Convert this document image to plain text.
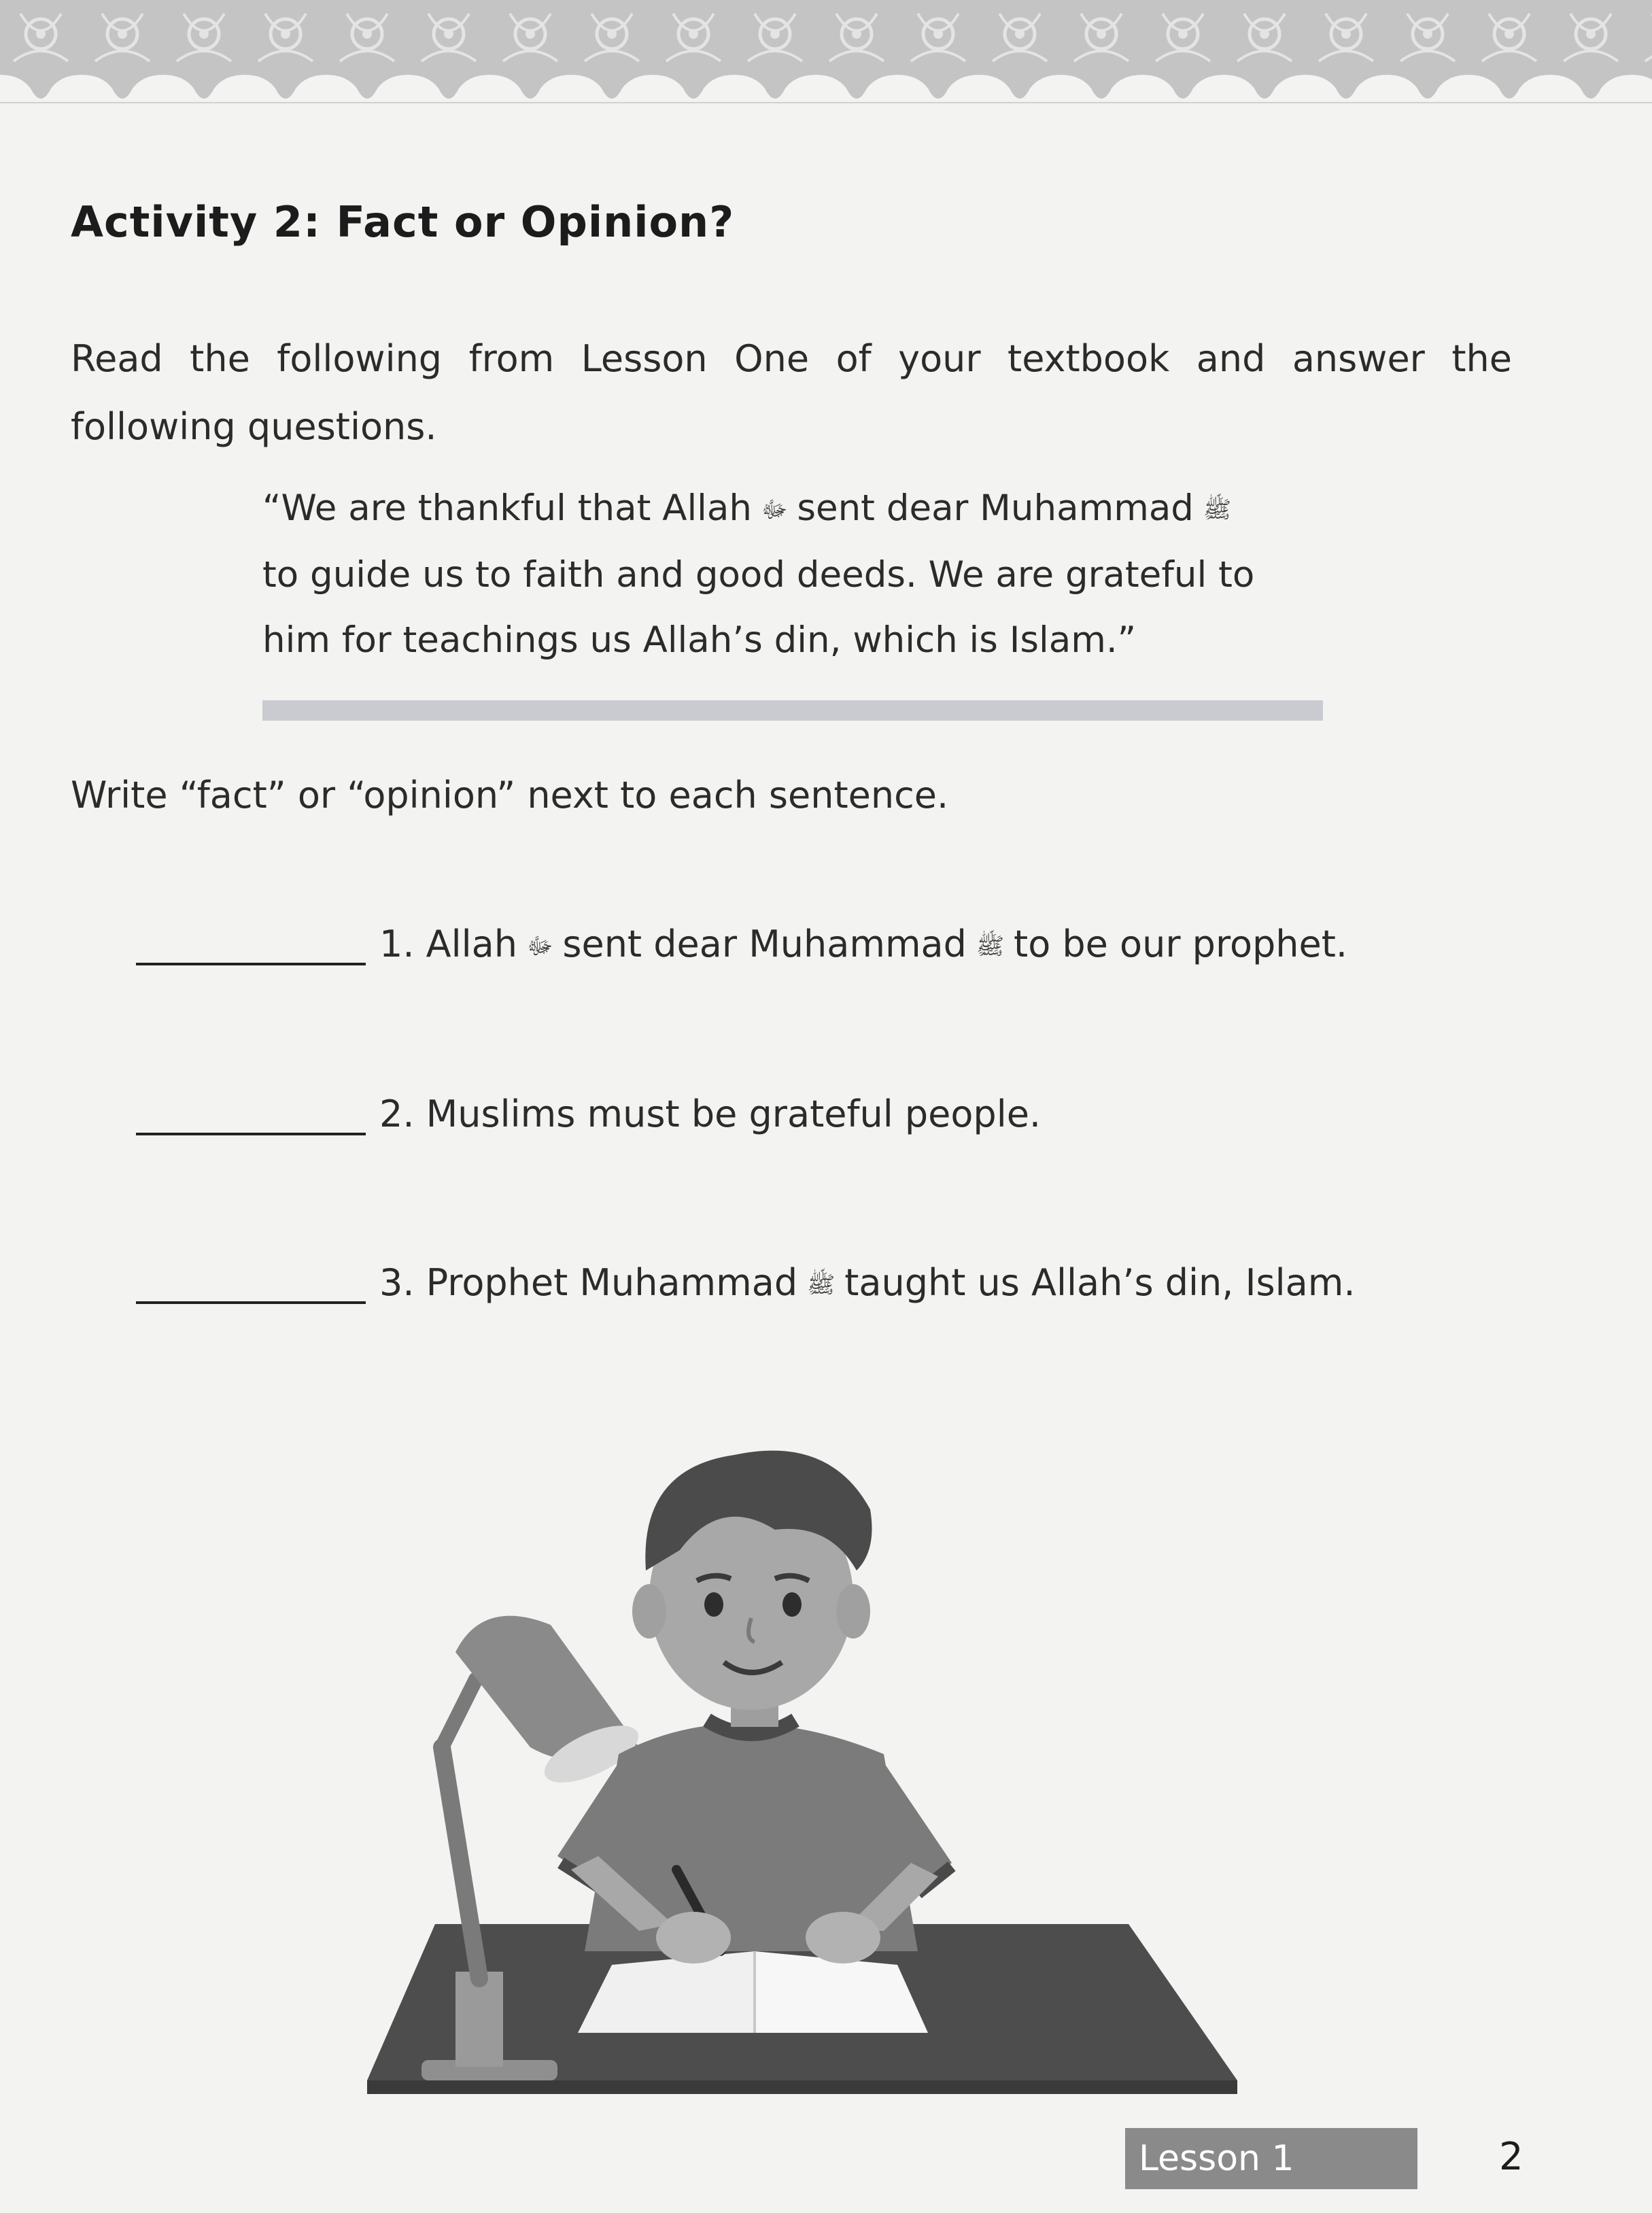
Activity 2: Fact or Opinion?

Read the following from Lesson One of your textbook and answer the following questions.

“We are thankful that Allah ﷻ sent dear Muhammad ﷺ
to guide us to faith and good deeds. We are grateful to
him for teachings us Allah’s din, which is Islam.”

Write “fact” or “opinion” next to each sentence.

1. Allah ﷻ sent dear Muhammad ﷺ to be our prophet.
2. Muslims must be grateful people.
3. Prophet Muhammad ﷺ taught us Allah’s din, Islam.
Lesson 1	2
